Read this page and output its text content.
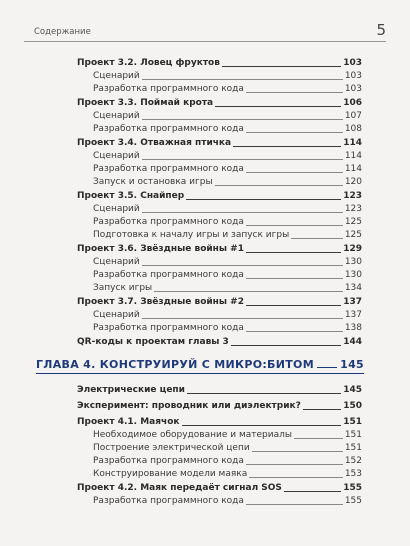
Содержание	5
Проект 3.2. Ловец фруктов	103
Сценарий	103
Разработка программного кода	103
Проект 3.3. Поймай крота	106
Сценарий	107
Разработка программного кода	108
Проект 3.4. Отважная птичка	114
Сценарий	114
Разработка программного кода	114
Запуск и остановка игры	120
Проект 3.5. Снайпер	123
Сценарий	123
Разработка программного кода	125
Подготовка к началу игры и запуск игры	125
Проект 3.6. Звёздные войны #1	129
Сценарий	130
Разработка программного кода	130
Запуск игры	134
Проект 3.7. Звёздные войны #2	137
Сценарий	137
Разработка программного кода	138
QR-коды к проектам главы 3	144
ГЛАВА 4. КОНСТРУИРУЙ С МИКРО:БИТОМ 145
Электрические цепи	145
Эксперимент: проводник или диэлектрик?	150
Проект 4.1. Маячок	151
Необходимое оборудование и материалы	151
Построение электрической цепи	151
Разработка программного кода	152
Конструирование модели маяка	153
Проект 4.2. Маяк передаёт сигнал SOS	155
Разработка программного кода	155
